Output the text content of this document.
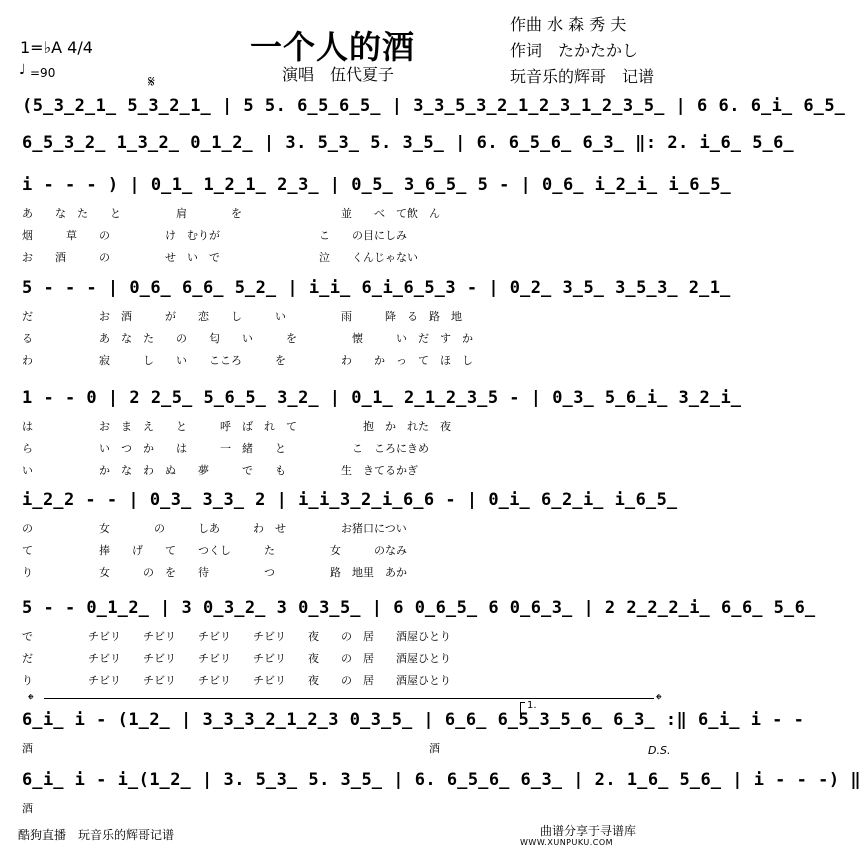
一个人的酒
演唱　伍代夏子
作曲 水 森 秀 夫
作词　たかたかし
玩音乐的辉哥　记谱
1=♭A 4/4
♩ =90	𝄋
(5̲3̲2̲1̲ 5̲3̲2̲1̲ | 5 5. 6̲5̲6̲5̲ | 3̲3̲5̲3̲2̲1̲2̲3̲1̲2̲3̲5̲ | 6 6. 6̲i̲ 6̲5̲
6̲5̲3̲2̲ 1̲3̲2̲ 0̲1̲2̲ | 3. 5̲3̲ 5. 3̲5̲ | 6. 6̲5̲6̲ 6̲3̲ ‖: 2. i̲6̲ 5̲6̲
i - - - ) | 0̲1̲ 1̲2̲1̲ 2̲3̲ | 0̲5̲ 3̲6̲5̲ 5 - | 0̲6̲ i̲2̲i̲ i̲6̲5̲
あ　　な　た　　と　　　　　肩　　　　を　　　　　　　　　並　　べ　て飲　ん
烟　　　草　　の　　　　　け　むりが　　　　　　　　　こ　　の目にしみ
お　　酒　　　の　　　　　せ　い　で　　　　　　　　　泣　　くんじゃない
5 - - - | 0̲6̲ 6̲6̲ 5̲2̲ | i̲i̲ 6̲i̲6̲5̲3 - | 0̲2̲ 3̲5̲ 3̲5̲3̲ 2̲1̲
だ　　　　　　お　酒　　　が　　恋　　し　　　い　　　　　雨　　　降　る　路　地
る　　　　　　あ　な　た　　の　　匂　　い　　　を　　　　　懐　　　い　だ　す　か
わ　　　　　　寂　　　し　　い　　こころ　　　を　　　　　わ　　か　っ　て　ほ　し
1 - - 0 | 2 2̲5̲ 5̲6̲5̲ 3̲2̲ | 0̲1̲ 2̲1̲2̲3̲5 - | 0̲3̲ 5̲6̲i̲ 3̲2̲i̲
は　　　　　　お　ま　え　　と　　　呼　ば　れ　て　　　　　　抱　か　れた　夜
ら　　　　　　い　つ　か　　は　　　一　緒　　と　　　　　　こ　ころにきめ
い　　　　　　か　な　わ　ぬ　　夢　　　で　　も　　　　　生　きてるかぎ
i̲2̲2 - - | 0̲3̲ 3̲3̲ 2 | i̲i̲3̲2̲i̲6̲6 - | 0̲i̲ 6̲2̲i̲ i̲6̲5̲
の　　　　　　女　　　　の　　　しあ　　　わ　せ　　　　　お猪口につい
て　　　　　　捧　　げ　　て　　つくし　　　た　　　　　女　　　のなみ
り　　　　　　女　　　の　を　　待　　　　　つ　　　　　路　地里　あか
5 - - 0̲1̲2̲ | 3 0̲3̲2̲ 3 0̲3̲5̲ | 6 0̲6̲5̲ 6 0̲6̲3̲ | 2 2̲2̲2̲i̲ 6̲6̲ 5̲6̲
で　　　　　チビリ　　チビリ　　チビリ　　チビリ　　夜　　の　居　　酒屋ひとり
だ　　　　　チビリ　　チビリ　　チビリ　　チビリ　　夜　　の　居　　酒屋ひとり
り　　　　　チビリ　　チビリ　　チビリ　　チビリ　　夜　　の　居　　酒屋ひとり
6̲i̲ i - (1̲2̲ | 3̲3̲3̲2̲1̲2̲3 0̲3̲5̲ | 6̲6̲ 6̲5̲3̲5̲6̲ 6̲3̲ :‖ 6̲i̲ i - -
酒　　　　　　　　　　　　　　　　　　　　　　　　　　　　　　　　　　　　酒
6̲i̲ i - i̲(1̲2̲ | 3. 5̲3̲ 5. 3̲5̲ | 6. 6̲5̲6̲ 6̲3̲ | 2. 1̲6̲ 5̲6̲ | i - - -) ‖
酒
𝄌	𝄌
1.
D.S.
酷狗直播　玩音乐的辉哥记谱	曲谱分享于寻谱库
WWW.XUNPUKU.COM
